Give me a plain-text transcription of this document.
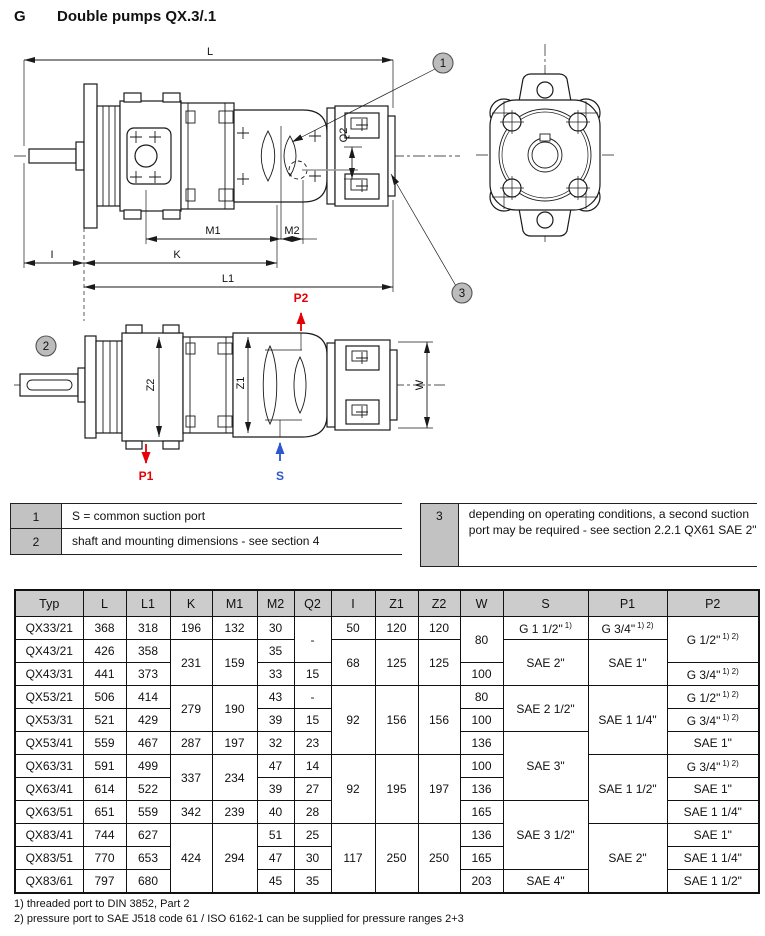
G Double pumps QX.3/.1
L
Q2
M1	M2
I	K
L1
Z2	Z1	W
P2
P1	S
2
1
3
1	S = common suction port
2	shaft and mounting dimensions - see section 4
3	depending on operating conditions, a second suction port may be required - see section 2.2.1 QX61 SAE 2"
Typ	L	L1	K	M1	M2	Q2	I	Z1	Z2	W	S	P1	P2
QX33/21	368	318	196	132	30	-	50	120	120	80	G 1 1/2" $^{1)}$	G 3/4" $^{1) 2)}$	G 1/2" $^{1) 2)}$
QX43/21	426	358	231	159	35		68	125	125		SAE 2"	SAE 1"	
QX43/31	441	373			33	15				100			G 3/4" $^{1) 2)}$
QX53/21	506	414	279	190	43	-	92	156	156	80	SAE 2 1/2"	SAE 1 1/4"	G 1/2" $^{1) 2)}$
QX53/31	521	429			39	15				100			G 3/4" $^{1) 2)}$
QX53/41	559	467	287	197	32	23				136	SAE 3"		SAE 1"
QX63/31	591	499	337	234	47	14	92	195	197	100		SAE 1 1/2"	G 3/4" $^{1) 2)}$
QX63/41	614	522			39	27				136			SAE 1"
QX63/51	651	559	342	239	40	28				165	SAE 3 1/2"		SAE 1 1/4"
QX83/41	744	627	424	294	51	25	117	250	250	136		SAE 2"	SAE 1"
QX83/51	770	653			47	30				165			SAE 1 1/4"
QX83/61	797	680			45	35				203	SAE 4"		SAE 1 1/2"
1) threaded port to DIN 3852, Part 2
2) pressure port to SAE J518 code 61 / ISO 6162-1 can be supplied for pressure ranges 2+3
